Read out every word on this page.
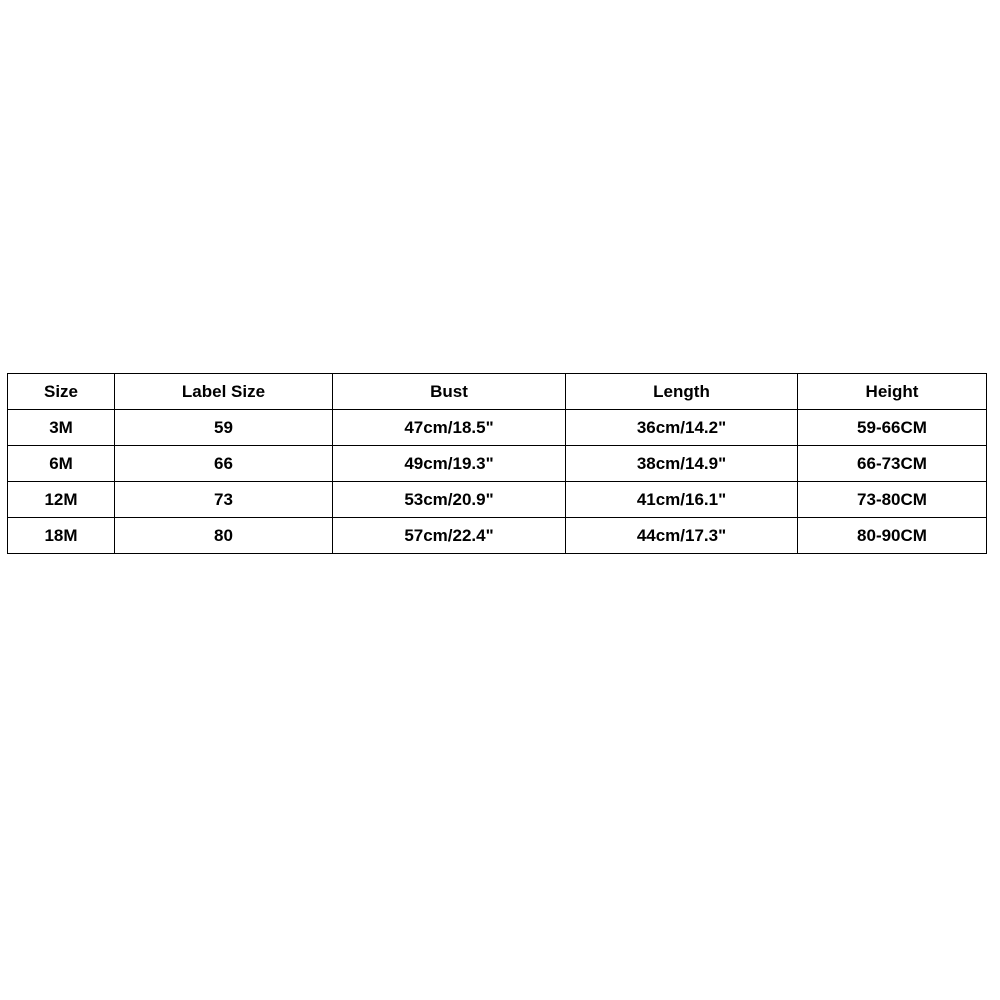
Size	Label Size	Bust	Length	Height
3M	59	47cm/18.5"	36cm/14.2"	59-66CM
6M	66	49cm/19.3"	38cm/14.9"	66-73CM
12M	73	53cm/20.9"	41cm/16.1"	73-80CM
18M	80	57cm/22.4"	44cm/17.3"	80-90CM
